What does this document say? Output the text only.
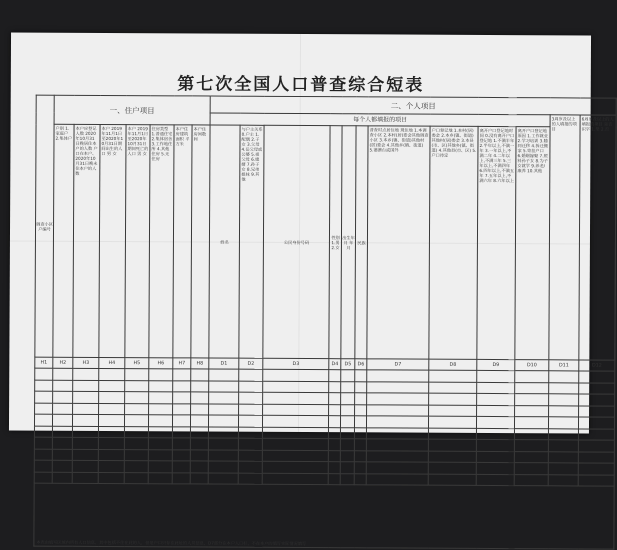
第七次全国人口普查综合短表
调查小区户编号	一、住户项目							二、个人项目												
								每个人都填报的项目										3周岁及以上的人填报的项目	6周岁及以上的人填报的项目 是否识字 1.是 2.否	
	户别 1.家庭户 2.集体户	本户应登记人数 2020年10月31日晚居住本户的人数 户口在本户、2020年10月31日晚未住本户的人数	本户 2019年11月1日至2020年10月31日期间出生的人口 男 女	本户 2019年11月1日至2020年10月31日期间死亡的人口 男 女	住房类型 1.普通住宅 2.集体宿舍 3.工作地住所 4.其他住房 5.无住房	本户住房建筑面积 平方米	本户住房间数 间	姓名	与户主关系 0.户主 1.配偶 2.子女 3.父母 4.岳父母或公婆 5.祖父母 6.媳婿 7.孙子女 8.兄弟姐妹 9.其他	公民身份号码	性别 1.男 2.女	出生年月 年 月	民族	普查时点居住地 现住地 1.本调查小区 2.本村(居)委会其他调查小区 3.本乡(镇、街道)其他村(居)委会 4.其他乡(镇、街道) 5.港澳台或国外	户口登记地 1.本村(居)委会 2.本乡(镇、街道)其他村(居)委会 3.本县(市、区)其他乡(镇、街道) 4.其他县(市、区) 5.户口待定	离开户口登记地时间 0.没有离开户口登记地 1.不满半年 2.半年以上,不满一年 3.一年以上,不满二年 4.二年以上,不满三年 5.三年以上,不满四年 6.四年以上,不满五年 7.五年以上,不满六年 8.六年以上	离开户口登记地原因 1.工作就业 2.学习培训 3.随同迁移 4.拆迁搬家 5.寄挂户口 6.婚姻嫁娶 7.照料孙子女 8.为子女就学 9.养老/康养 10.其他	
H1	H2	H3	H4	H5	H6	H7	H8	D1	D2	D3	D4	D5	D6	D7	D8	D9	D10	D11	D12	

本表由填写区域内所有人口信息，其中包括不住在此的人，但是户口只存在此址的人员信息，D7部分在本户人口栏，不在本户的填写实际情况填写																				
